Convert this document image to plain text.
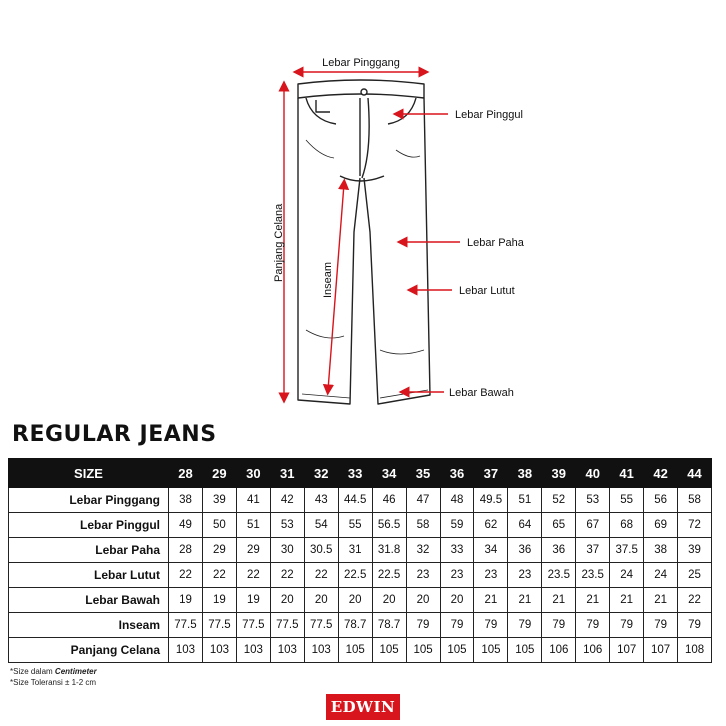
Lebar Pinggang
Lebar Pinggul
Lebar Paha
Lebar Lutut
Lebar Bawah
Inseam
Panjang Celana
REGULAR JEANS
SIZE	28	29	30	31	32	33	34	35	36	37	38	39	40	41	42	44
Lebar Pinggang	38	39	41	42	43	44.5	46	47	48	49.5	51	52	53	55	56	58
Lebar Pinggul	49	50	51	53	54	55	56.5	58	59	62	64	65	67	68	69	72
Lebar Paha	28	29	29	30	30.5	31	31.8	32	33	34	36	36	37	37.5	38	39
Lebar Lutut	22	22	22	22	22	22.5	22.5	23	23	23	23	23.5	23.5	24	24	25
Lebar Bawah	19	19	19	20	20	20	20	20	20	21	21	21	21	21	21	22
Inseam	77.5	77.5	77.5	77.5	77.5	78.7	78.7	79	79	79	79	79	79	79	79	79
Panjang Celana	103	103	103	103	103	105	105	105	105	105	105	106	106	107	107	108
*Size dalam Centimeter
*Size Toleransi ± 1-2 cm
EDWIN
